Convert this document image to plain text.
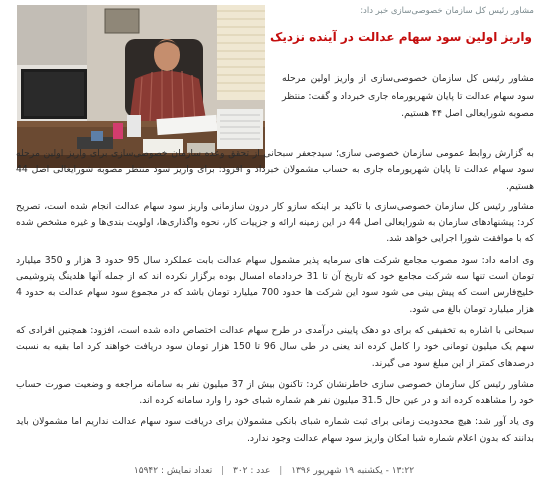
مشاور رئیس کل سازمان خصوصی‌سازی خبر داد:
واریز اولین سود سهام عدالت در آینده نزدیک
مشاور رئیس کل سازمان خصوصی‌سازی از واریز اولین مرحله سود سهام عدالت تا پایان شهریورماه جاری خبرداد و گفت: منتظر مصوبه شورایعالی اصل ۴۴ هستیم.

به گزارش روابط عمومی سازمان خصوصی سازی؛ سیدجعفر سبحانی از تحقق وعده سازمان خصوصی‌سازی برای واریز اولین مرحله سود سهام عدالت تا پایان شهریورماه جاری به حساب مشمولان خبرداد و افزود: برای واریز سود منتظر مصوبه شورایعالی اصل 44 هستیم.

مشاور رئیس کل سازمان خصوصی‌سازی با تاکید بر اینکه سازو کار درون سازمانی واریز سود سهام عدالت انجام شده است، تصریح کرد: پیشنهادهای سازمان به شورایعالی اصل 44 در این زمینه ارائه و جزییات کار، نحوه واگذاری‌ها، اولویت بندی‌ها و غیره مشخص شده که با موافقت شورا اجرایی خواهد شد.

وی ادامه داد: سود مصوب مجامع شرکت های سرمایه پذیر مشمول سهام عدالت بابت عملکرد سال 95 حدود 3 هزار و 350 میلیارد تومان است تنها سه شرکت مجامع خود که تاریخ آن تا 31 خردادماه امسال بوده برگزار نکرده اند که از جمله آنها هلدینگ پتروشیمی خلیج‌فارس است که پیش بینی می شود سود این شرکت ها حدود 700 میلیارد تومان باشد که در مجموع سود سهام عدالت به حدود 4 هزار میلیارد تومان بالغ می شود.

سبحانی با اشاره به تخفیفی که برای دو دهک پایینی درآمدی در طرح سهام عدالت اختصاص داده شده است، افزود: همچنین افرادی که سهم یک میلیون تومانی خود را کامل کرده اند یعنی در طی سال 96 تا 150 هزار تومان سود دریافت خواهند کرد اما بقیه به نسبت درصدهای کمتر از این مبلغ سود می گیرند.

مشاور رئیس کل سازمان خصوصی سازی خاطرنشان کرد: تاکنون بیش از 37 میلیون نفر به سامانه مراجعه و وضعیت صورت حساب خود را مشاهده کرده اند و در عین حال 31.5 میلیون نفر هم شماره شبای خود را وارد سامانه کرده اند.

وی یاد آور شد: هیچ محدودیت زمانی برای ثبت شماره شبای بانکی مشمولان برای دریافت سود سهام عدالت نداریم اما مشمولان باید بدانند که بدون اعلام شماره شبا امکان واریز سود سهام عدالت وجود ندارد.

۱۳:۲۲ - یکشنبه ۱۹ شهریور ۱۳۹۶ | عدد : ۳۰۲ | تعداد نمایش : ۱۵۹۴۲
